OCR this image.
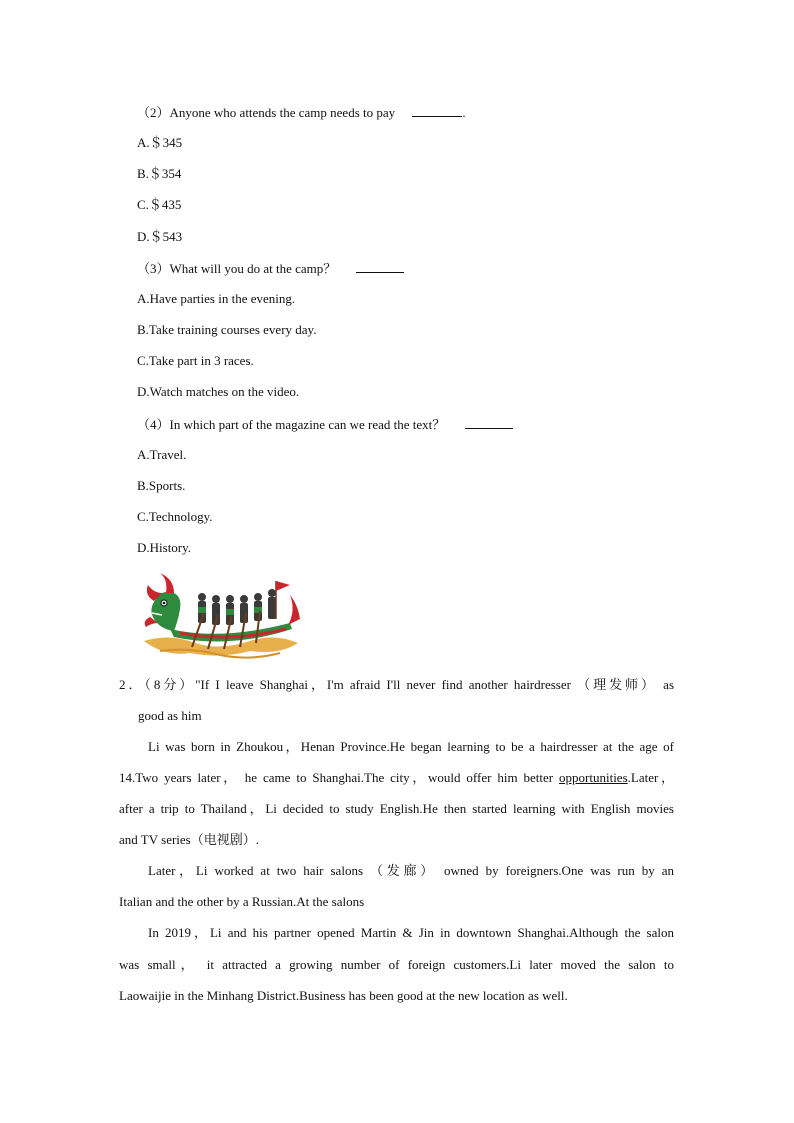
（2）Anyone who attends the camp needs to pay	.
A.＄345
B.＄354
C.＄435
D.＄543
（3）What will you do at the camp？
A.Have parties in the evening.
B.Take training courses every day.
C.Take part in 3 races.
D.Watch matches on the video.
（4）In which part of the magazine can we read the text？
A.Travel.
B.Sports.
C.Technology.
D.History.
2．（8分）"If I leave Shanghai，I'm afraid I'll never find another hairdresser （理发师） as
good as him
Li was born in Zhoukou，Henan Province.He began learning to be a hairdresser at the age of
14.Two years later， he came to Shanghai.The city，would offer him better opportunities.Later，
after a trip to Thailand，Li decided to study English.He then started learning with English movies
and TV series（电视剧）.
Later，Li worked at two hair salons （发廊） owned by foreigners.One was run by an
Italian and the other by a Russian.At the salons
In 2019，Li and his partner opened Martin & Jin in downtown Shanghai.Although the salon
was small， it attracted a growing number of foreign customers.Li later moved the salon to
Laowaijie in the Minhang District.Business has been good at the new location as well.
